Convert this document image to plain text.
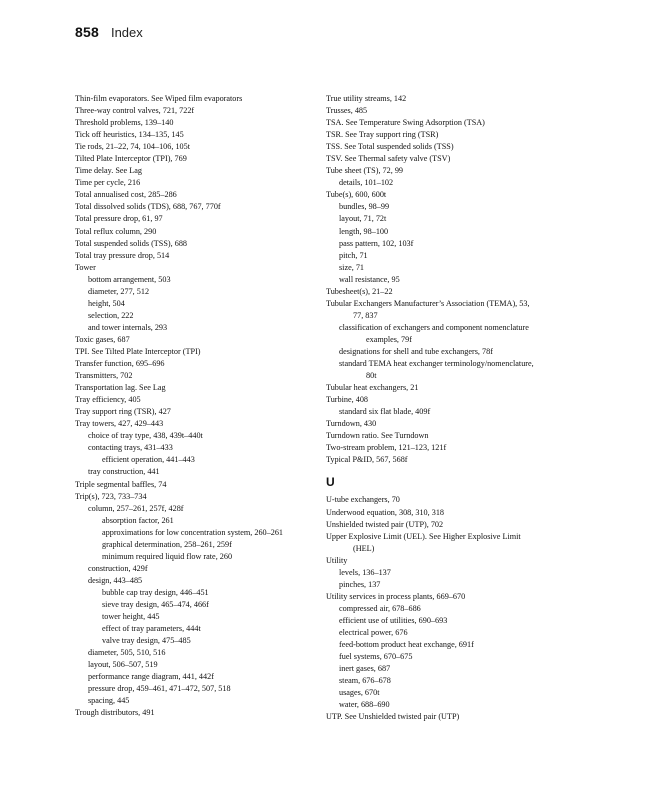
858 Index
Thin-film evaporators. See Wiped film evaporators
Three-way control valves, 721, 722f
Threshold problems, 139–140
Tick off heuristics, 134–135, 145
Tie rods, 21–22, 74, 104–106, 105t
Tilted Plate Interceptor (TPI), 769
Time delay. See Lag
Time per cycle, 216
Total annualised cost, 285–286
Total dissolved solids (TDS), 688, 767, 770f
Total pressure drop, 61, 97
Total reflux column, 290
Total suspended solids (TSS), 688
Total tray pressure drop, 514
Tower
bottom arrangement, 503
diameter, 277, 512
height, 504
selection, 222
and tower internals, 293
Toxic gases, 687
TPI. See Tilted Plate Interceptor (TPI)
Transfer function, 695–696
Transmitters, 702
Transportation lag. See Lag
Tray efficiency, 405
Tray support ring (TSR), 427
Tray towers, 427, 429–443
choice of tray type, 438, 439t–440t
contacting trays, 431–433
efficient operation, 441–443
tray construction, 441
Triple segmental baffles, 74
Trip(s), 723, 733–734
column, 257–261, 257f, 428f
absorption factor, 261
approximations for low concentration system, 260–261
graphical determination, 258–261, 259f
minimum required liquid flow rate, 260
construction, 429f
design, 443–485
bubble cap tray design, 446–451
sieve tray design, 465–474, 466f
tower height, 445
effect of tray parameters, 444t
valve tray design, 475–485
diameter, 505, 510, 516
layout, 506–507, 519
performance range diagram, 441, 442f
pressure drop, 459–461, 471–472, 507, 518
spacing, 445
Trough distributors, 491
True utility streams, 142
Trusses, 485
TSA. See Temperature Swing Adsorption (TSA)
TSR. See Tray support ring (TSR)
TSS. See Total suspended solids (TSS)
TSV. See Thermal safety valve (TSV)
Tube sheet (TS), 72, 99
details, 101–102
Tube(s), 600, 600t
bundles, 98–99
layout, 71, 72t
length, 98–100
pass pattern, 102, 103f
pitch, 71
size, 71
wall resistance, 95
Tubesheet(s), 21–22
Tubular Exchangers Manufacturer’s Association (TEMA), 53,
77, 837
classification of exchangers and component nomenclature
examples, 79f
designations for shell and tube exchangers, 78f
standard TEMA heat exchanger terminology/nomenclature,
80t
Tubular heat exchangers, 21
Turbine, 408
standard six flat blade, 409f
Turndown, 430
Turndown ratio. See Turndown
Two-stream problem, 121–123, 121f
Typical P&ID, 567, 568f
U
U-tube exchangers, 70
Underwood equation, 308, 310, 318
Unshielded twisted pair (UTP), 702
Upper Explosive Limit (UEL). See Higher Explosive Limit
(HEL)
Utility
levels, 136–137
pinches, 137
Utility services in process plants, 669–670
compressed air, 678–686
efficient use of utilities, 690–693
electrical power, 676
feed-bottom product heat exchange, 691f
fuel systems, 670–675
inert gases, 687
steam, 676–678
usages, 670t
water, 688–690
UTP. See Unshielded twisted pair (UTP)
